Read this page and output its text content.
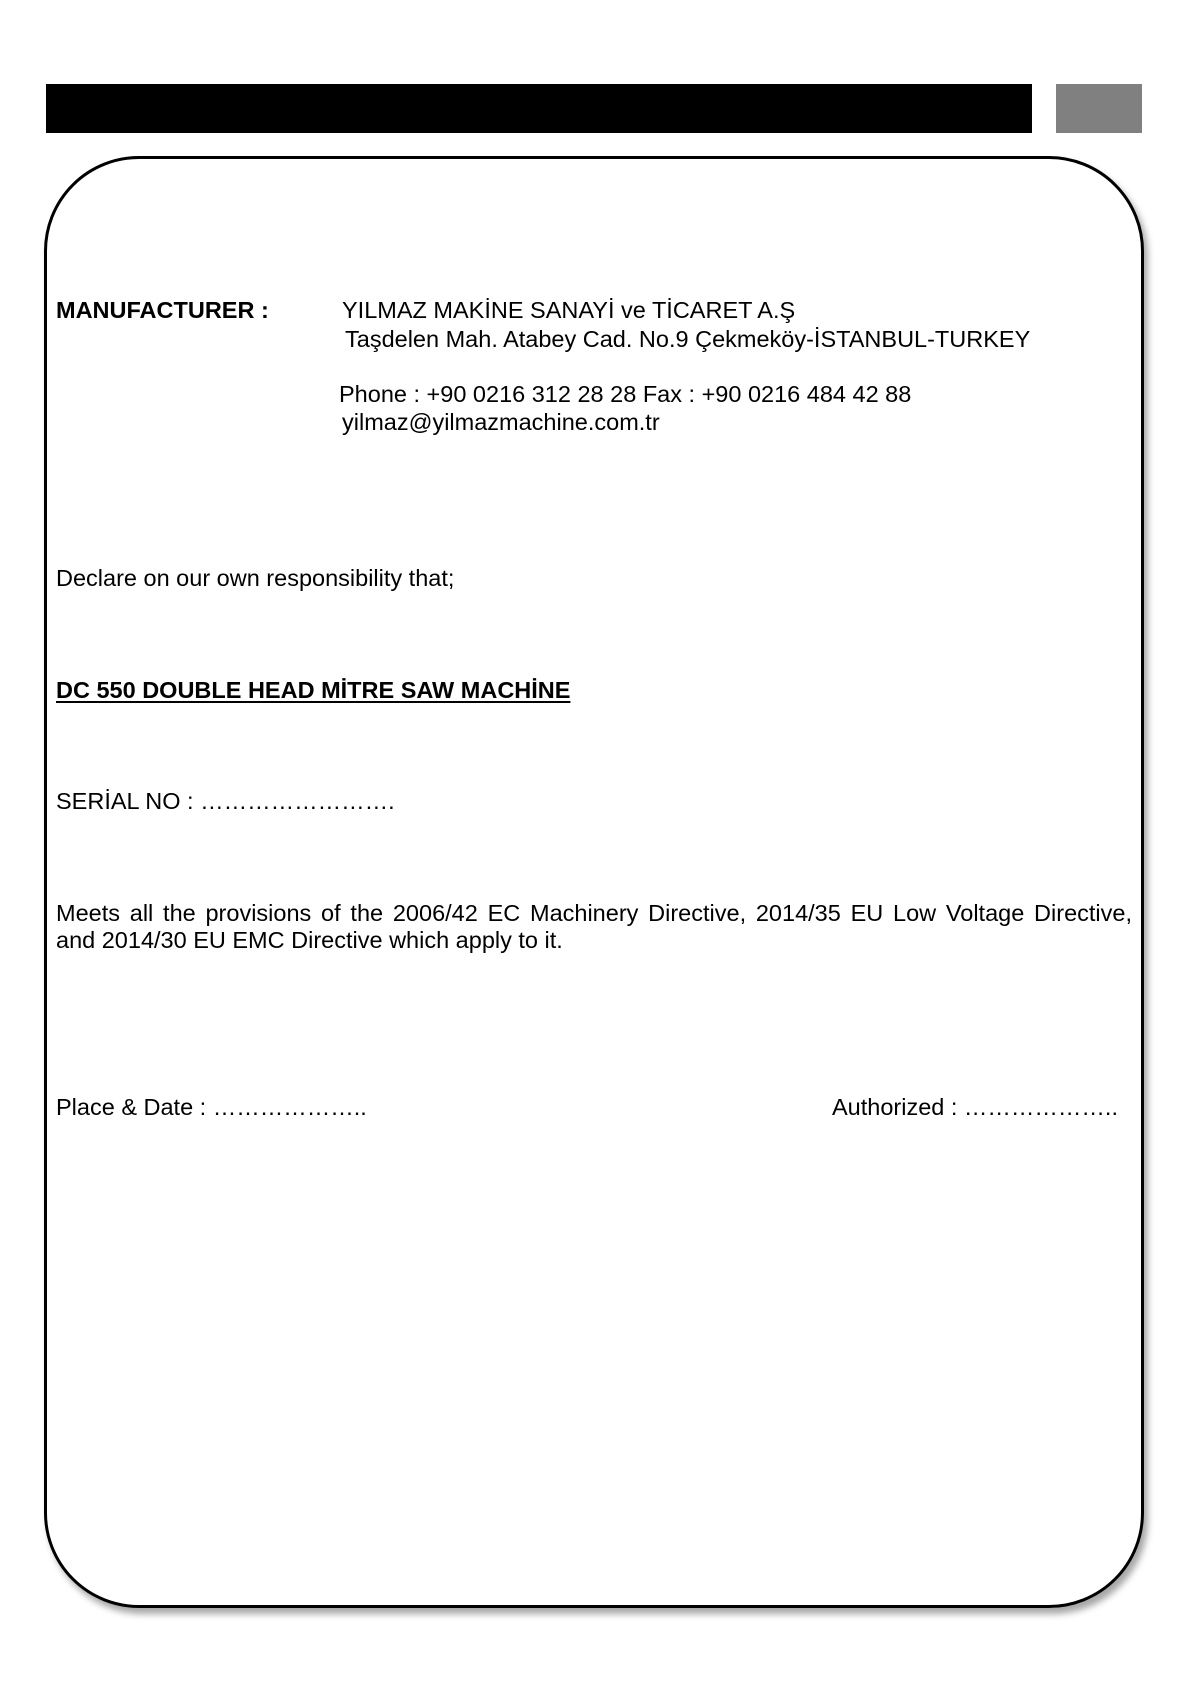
MANUFACTURER :	YILMAZ MAKİNE SANAYİ ve TİCARET A.Ş
Taşdelen Mah. Atabey Cad. No.9 Çekmeköy-İSTANBUL-TURKEY
Phone : +90 0216 312 28 28 Fax : +90 0216 484 42 88
yilmaz@yilmazmachine.com.tr
Declare on our own responsibility that;
DC 550 DOUBLE HEAD MİTRE SAW MACHİNE
SERİAL NO : …………………….
Meets all the provisions of the 2006/42 EC Machinery Directive, 2014/35 EU Low Voltage Directive,
and 2014/30 EU EMC Directive which apply to it.
Place & Date : ………………..	Authorized : ………………..
